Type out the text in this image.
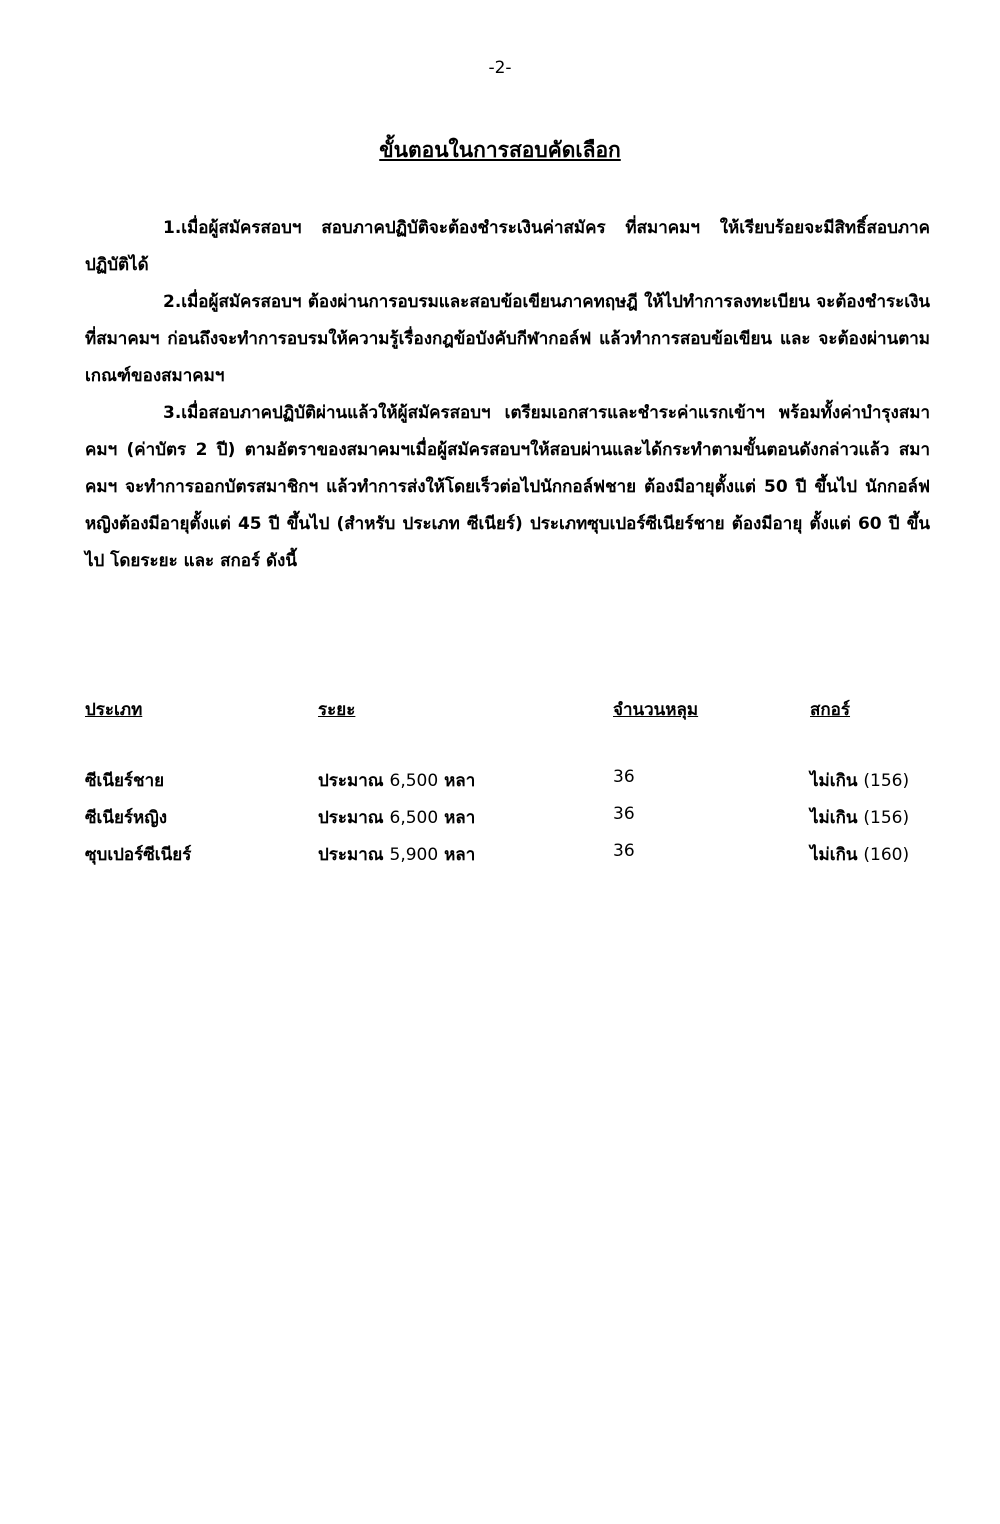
-2-
ขั้นตอนในการสอบคัดเลือก

1.เมื่อผู้สมัครสอบฯ สอบภาคปฏิบัติจะต้องชำระเงินค่าสมัคร ที่สมาคมฯ ให้เรียบร้อยจะมีสิทธิ์สอบภาคปฏิบัติได้

2.เมื่อผู้สมัครสอบฯ ต้องผ่านการอบรมและสอบข้อเขียนภาคทฤษฎี ให้ไปทำการลงทะเบียน จะต้องชำระเงินที่สมาคมฯ ก่อนถึงจะทำการอบรมให้ความรู้เรื่องกฎข้อบังคับกีฬากอล์ฟ แล้วทำการสอบข้อเขียน และ จะต้องผ่านตามเกณฑ์ของสมาคมฯ

3.เมื่อสอบภาคปฏิบัติผ่านแล้วให้ผู้สมัครสอบฯ เตรียมเอกสารและชำระค่าแรกเข้าฯ พร้อมทั้งค่าบำรุงสมาคมฯ (ค่าบัตร 2 ปี) ตามอัตราของสมาคมฯเมื่อผู้สมัครสอบฯให้สอบผ่านและได้กระทำตามขั้นตอนดังกล่าวแล้ว สมาคมฯ จะทำการออกบัตรสมาชิกฯ แล้วทำการส่งให้โดยเร็วต่อไปนักกอล์ฟชาย ต้องมีอายุตั้งแต่ 50 ปี ขึ้นไป นักกอล์ฟหญิงต้องมีอายุตั้งแต่ 45 ปี ขึ้นไป (สำหรับ ประเภท ซีเนียร์) ประเภทซุบเปอร์ซีเนียร์ชาย ต้องมีอายุ ตั้งแต่ 60 ปี ขึ้นไป โดยระยะ และ สกอร์ ดังนี้

ประเภท	ระยะ	จำนวนหลุม	สกอร์
ซีเนียร์ชาย	ประมาณ 6,500 หลา	36	ไม่เกิน (156)
ซีเนียร์หญิง	ประมาณ 6,500 หลา	36	ไม่เกิน (156)
ซุบเปอร์ซีเนียร์	ประมาณ 5,900 หลา	36	ไม่เกิน (160)
